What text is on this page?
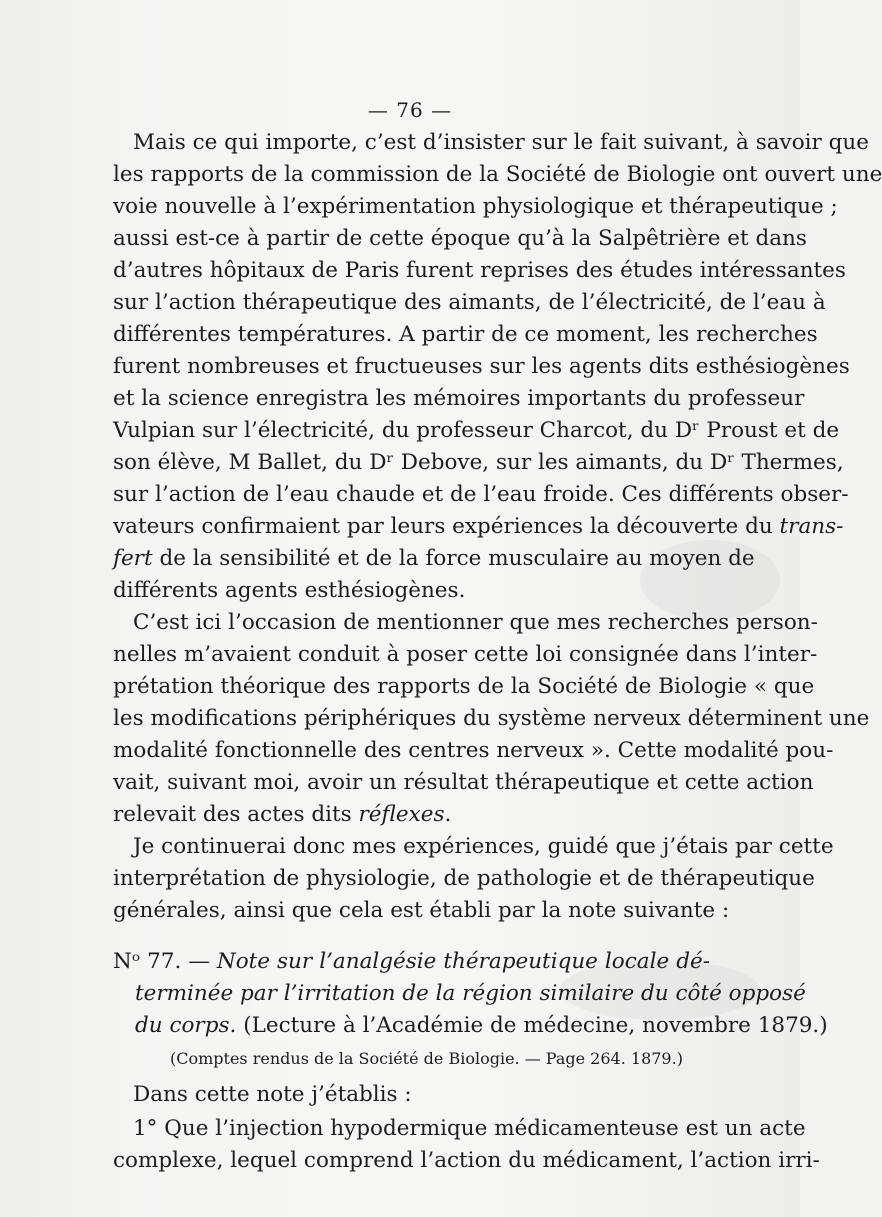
— 76 —
Mais ce qui importe, c’est d’insister sur le fait suivant, à savoir que
les rapports de la commission de la Société de Biologie ont ouvert une
voie nouvelle à l’expérimentation physiologique et thérapeutique ;
aussi est-ce à partir de cette époque qu’à la Salpêtrière et dans
d’autres hôpitaux de Paris furent reprises des études intéressantes
sur l’action thérapeutique des aimants, de l’électricité, de l’eau à
différentes températures. A partir de ce moment, les recherches
furent nombreuses et fructueuses sur les agents dits esthésiogènes
et la science enregistra les mémoires importants du professeur
Vulpian sur l’électricité, du professeur Charcot, du Dʳ Proust et de
son élève, M Ballet, du Dʳ Debove, sur les aimants, du Dʳ Thermes,
sur l’action de l’eau chaude et de l’eau froide. Ces différents obser-
vateurs confirmaient par leurs expériences la découverte du trans-
fert de la sensibilité et de la force musculaire au moyen de
différents agents esthésiogènes.
C’est ici l’occasion de mentionner que mes recherches person-
nelles m’avaient conduit à poser cette loi consignée dans l’inter-
prétation théorique des rapports de la Société de Biologie « que
les modifications périphériques du système nerveux déterminent une
modalité fonctionnelle des centres nerveux ». Cette modalité pou-
vait, suivant moi, avoir un résultat thérapeutique et cette action
relevait des actes dits réflexes.
Je continuerai donc mes expériences, guidé que j’étais par cette
interprétation de physiologie, de pathologie et de thérapeutique
générales, ainsi que cela est établi par la note suivante :
Nᵒ 77. — Note sur l’analgésie thérapeutique locale dé-
terminée par l’irritation de la région similaire du côté opposé
du corps. (Lecture à l’Académie de médecine, novembre 1879.)
(Comptes rendus de la Société de Biologie. — Page 264. 1879.)
Dans cette note j’établis :
1° Que l’injection hypodermique médicamenteuse est un acte
complexe, lequel comprend l’action du médicament, l’action irri-
